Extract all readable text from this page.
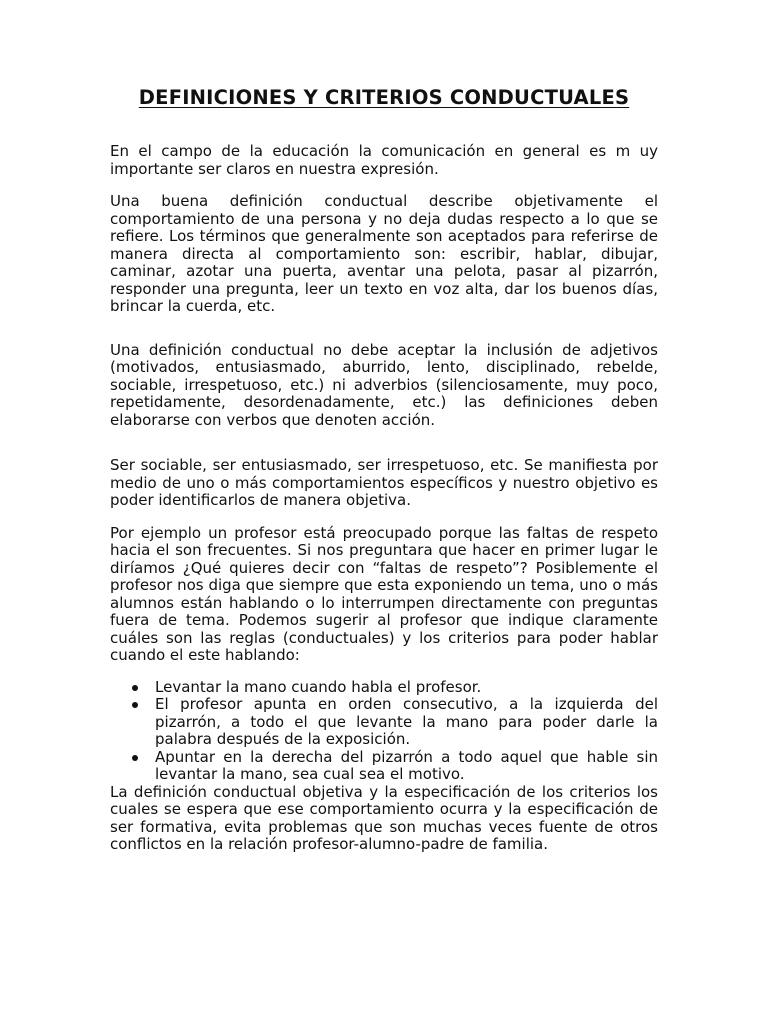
DEFINICIONES Y CRITERIOS CONDUCTUALES

En el campo de la educación la comunicación en general es m uy importante ser claros en nuestra expresión.

Una buena definición conductual describe objetivamente el comportamiento de una persona y no deja dudas respecto a lo que se refiere. Los términos que generalmente son aceptados para referirse de manera directa al comportamiento son: escribir, hablar, dibujar, caminar, azotar una puerta, aventar una pelota, pasar al pizarrón, responder una pregunta, leer un texto en voz alta, dar los buenos días, brincar la cuerda, etc.

Una definición conductual no debe aceptar la inclusión de adjetivos (motivados, entusiasmado, aburrido, lento, disciplinado, rebelde, sociable, irrespetuoso, etc.) ni adverbios (silenciosamente, muy poco, repetidamente, desordenadamente, etc.) las definiciones deben elaborarse con verbos que denoten acción.

Ser sociable, ser entusiasmado, ser irrespetuoso, etc. Se manifiesta por medio de uno o más comportamientos específicos y nuestro objetivo es poder identificarlos de manera objetiva.

Por ejemplo un profesor está preocupado porque las faltas de respeto hacia el son frecuentes. Si nos preguntara que hacer en primer lugar le diríamos ¿Qué quieres decir con “faltas de respeto”? Posiblemente el profesor nos diga que siempre que esta exponiendo un tema, uno o más alumnos están hablando o lo interrumpen directamente con preguntas fuera de tema. Podemos sugerir al profesor que indique claramente cuáles son las reglas (conductuales) y los criterios para poder hablar cuando el este hablando:

Levantar la mano cuando habla el profesor.
El profesor apunta en orden consecutivo, a la izquierda del pizarrón, a todo el que levante la mano para poder darle la palabra después de la exposición.
Apuntar en la derecha del pizarrón a todo aquel que hable sin levantar la mano, sea cual sea el motivo.

La definición conductual objetiva y la especificación de los criterios los cuales se espera que ese comportamiento ocurra y la especificación de ser formativa, evita problemas que son muchas veces fuente de otros conflictos en la relación profesor-alumno-padre de familia.
